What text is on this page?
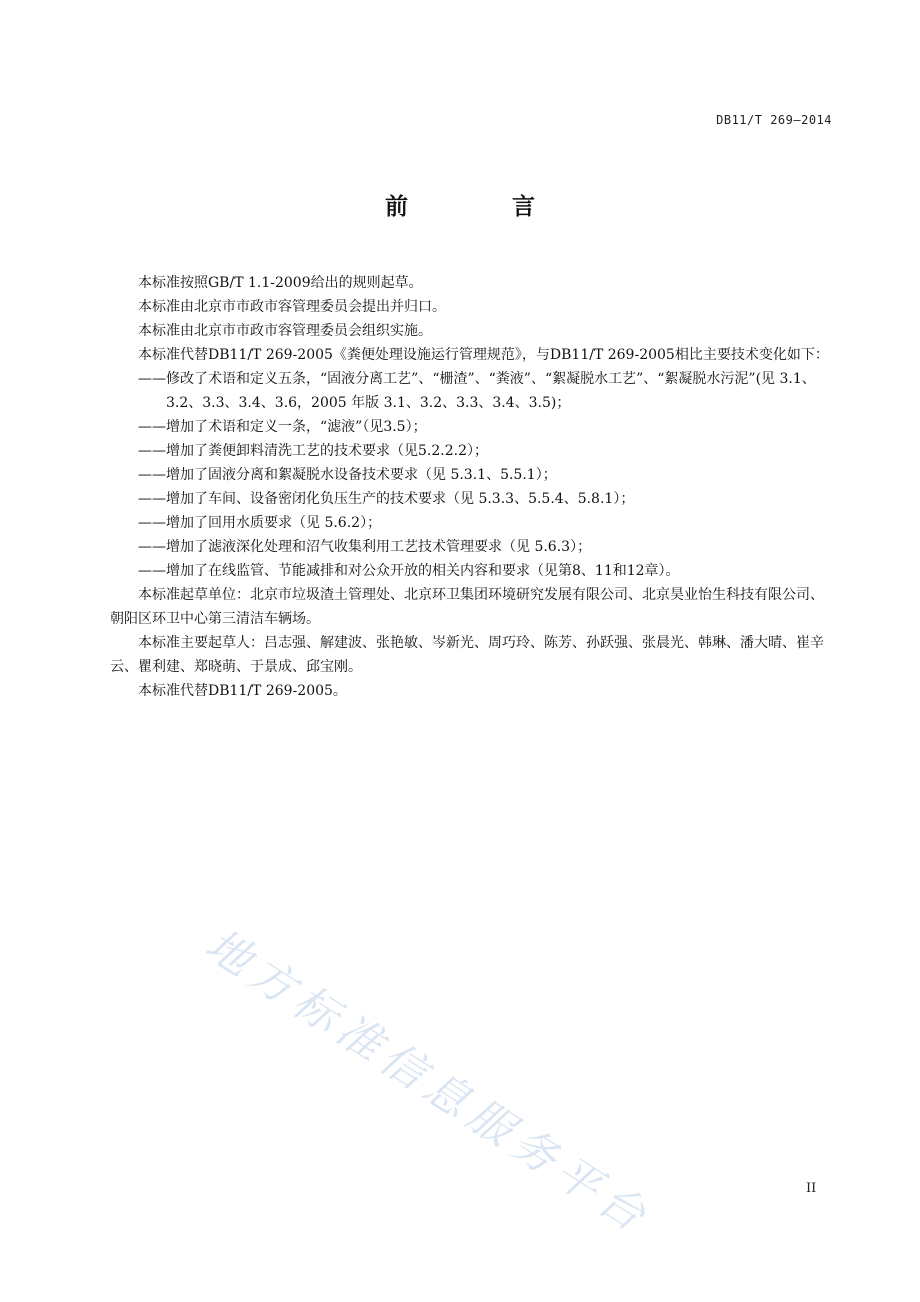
DB11/T 269—2014
前 言

本标准按照GB/T 1.1-2009给出的规则起草。

本标准由北京市市政市容管理委员会提出并归口。

本标准由北京市市政市容管理委员会组织实施。

本标准代替DB11/T 269-2005《粪便处理设施运行管理规范》，与DB11/T 269-2005相比主要技术变化如下：

——修改了术语和定义五条，“固液分离工艺”、“栅渣”、“粪液”、“絮凝脱水工艺”、“絮凝脱水污泥”(见 3.1、3.2、3.3、3.4、3.6，2005 年版 3.1、3.2、3.3、3.4、3.5)；

——增加了术语和定义一条，“滤液”（见3.5）；

——增加了粪便卸料清洗工艺的技术要求（见5.2.2.2）；

——增加了固液分离和絮凝脱水设备技术要求（见 5.3.1、5.5.1）；

——增加了车间、设备密闭化负压生产的技术要求（见 5.3.3、5.5.4、5.8.1）；

——增加了回用水质要求（见 5.6.2）；

——增加了滤液深化处理和沼气收集利用工艺技术管理要求（见 5.6.3）；

——增加了在线监管、节能减排和对公众开放的相关内容和要求（见第8、11和12章）。

本标准起草单位：北京市垃圾渣土管理处、北京环卫集团环境研究发展有限公司、北京昊业怡生科技有限公司、朝阳区环卫中心第三清洁车辆场。

本标准主要起草人：吕志强、解建波、张艳敏、岑新光、周巧玲、陈芳、孙跃强、张晨光、韩琳、潘大晴、崔辛云、瞿利建、郑晓萌、于景成、邱宝刚。

本标准代替DB11/T 269-2005。

地方标准信息服务平台	II
